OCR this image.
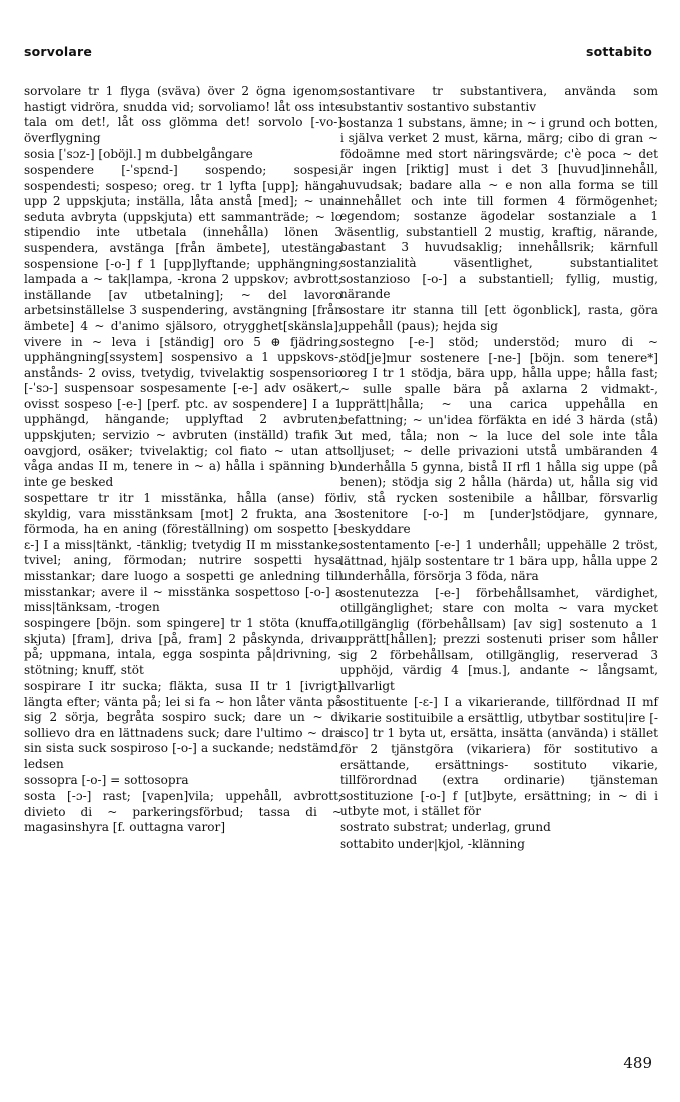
sorvolare	sottabito

sorvolare tr 1 flyga (sväva) över 2 ögna igenom; hastigt vidröra, snudda vid; sorvoliamo! låt oss inte tala om det!, låt oss glömma det! sorvolo [-vo-] överflygning

sosia [ˈsɔz-] [oböjl.] m dubbelgångare

sospendere [-ˈspɛnd-] sospendo; sospesi, sospendesti; sospeso; oreg. tr 1 lyfta [upp]; hänga upp 2 uppskjuta; inställa, låta anstå [med]; ~ una seduta avbryta (uppskjuta) ett sammanträde; ~ lo stipendio inte utbetala (innehålla) lönen 3 suspendera, avstänga [från ämbete], utestänga sospensione [-o-] f 1 [upp]lyftande; upphängning; lampada a ~ tak|lampa, -krona 2 uppskov; avbrott; inställande [av utbetalning]; ~ del lavoro arbetsinställelse 3 suspendering, avstängning [från ämbete] 4 ~ d'animo själsoro, otrygghet[skänsla]; vivere in ~ leva i [ständig] oro 5 ⊕ fjädring, upphängning[ssystem] sospensivo a 1 uppskovs-, anstånds- 2 oviss, tvetydig, tvivelaktig sospensorio [-ˈsɔ-] suspensoar sospesamente [-e-] adv osäkert, ovisst sospeso [-e-] [perf. ptc. av sospendere] I a 1 upphängd, hängande; upplyftad 2 avbruten; uppskjuten; servizio ~ avbruten (inställd) trafik 3 oavgjord, osäker; tvivelaktig; col fiato ~ utan att våga andas II m, tenere in ~ a) hålla i spänning b) inte ge besked

sospettare tr itr 1 misstänka, hålla (anse) för skyldig, vara misstänksam [mot] 2 frukta, ana 3 förmoda, ha en aning (föreställning) om sospetto [-ɛ-] I a miss|tänkt, -tänklig; tvetydig II m misstanke; tvivel; aning, förmodan; nutrire sospetti hysa misstankar; dare luogo a sospetti ge anledning till misstankar; avere il ~ misstänka sospettoso [-o-] a miss|tänksam, -trogen

sospingere [böjn. som spingere] tr 1 stöta (knuffa, skjuta) [fram], driva [på, fram] 2 påskynda, driva på; uppmana, intala, egga sospinta på|drivning, -stötning; knuff, stöt

sospirare I itr sucka; fläkta, susa II tr 1 [ivrigt] längta efter; vänta på; lei si fa ~ hon låter vänta på sig 2 sörja, begråta sospiro suck; dare un ~ di sollievo dra en lättnadens suck; dare l'ultimo ~ dra sin sista suck sospiroso [-o-] a suckande; nedstämd, ledsen

sossopra [-o-] = sottosopra

sosta [-ɔ-] rast; [vapen]vila; uppehåll, avbrott; divieto di ~ parkeringsförbud; tassa di ~ magasinshyra [f. outtagna varor]

sostantivare tr substantivera, använda som substantiv sostantivo substantiv

sostanza 1 substans, ämne; in ~ i grund och botten, i själva verket 2 must, kärna, märg; cibo di gran ~ födoämne med stort näringsvärde; c'è poca ~ det är ingen [riktig] must i det 3 [huvud]innehåll, huvudsak; badare alla ~ e non alla forma se till innehållet och inte till formen 4 förmögenhet; egendom; sostanze ägodelar sostanziale a 1 väsentlig, substantiell 2 mustig, kraftig, närande, bastant 3 huvudsaklig; innehållsrik; kärnfull sostanzialità väsentlighet, substantialitet sostanzioso [-o-] a substantiell; fyllig, mustig, närande

sostare itr stanna till [ett ögonblick], rasta, göra uppehåll (paus); hejda sig

sostegno [-e-] stöd; understöd; muro di ~ stöd[je]mur sostenere [-ne-] [böjn. som tenere*] oreg I tr 1 stödja, bära upp, hålla uppe; hålla fast; ~ sulle spalle bära på axlarna 2 vidmakt-, upprätt|hålla; ~ una carica uppehålla en befattning; ~ un'idea förfäkta en idé 3 härda (stå) ut med, tåla; non ~ la luce del sole inte tåla solljuset; ~ delle privazioni utstå umbäranden 4 underhålla 5 gynna, bistå II rfl 1 hålla sig uppe (på benen); stödja sig 2 hålla (härda) ut, hålla sig vid liv, stå rycken sostenibile a hållbar, försvarlig sostenitore [-o-] m [under]stödjare, gynnare, beskyddare

sostentamento [-e-] 1 underhåll; uppehälle 2 tröst, lättnad, hjälp sostentare tr 1 bära upp, hålla uppe 2 underhålla, försörja 3 föda, nära

sostenutezza [-e-] förbehållsamhet, värdighet, otillgänglighet; stare con molta ~ vara mycket otillgänglig (förbehållsam) [av sig] sostenuto a 1 upprätt[hållen]; prezzi sostenuti priser som håller sig 2 förbehållsam, otillgänglig, reserverad 3 upphöjd, värdig 4 [mus.], andante ~ långsamt, allvarligt

sostituente [-ɛ-] I a vikarierande, tillfördnad II mf vikarie sostituibile a ersättlig, utbytbar sostitu|ire [-isco] tr 1 byta ut, ersätta, insätta (använda) i stället för 2 tjänstgöra (vikariera) för sostitutivo a ersättande, ersättnings- sostituto vikarie, tillförordnad (extra ordinarie) tjänsteman sostituzione [-o-] f [ut]byte, ersättning; in ~ di i utbyte mot, i stället för

sostrato substrat; underlag, grund

sottabito under|kjol, -klänning

489
